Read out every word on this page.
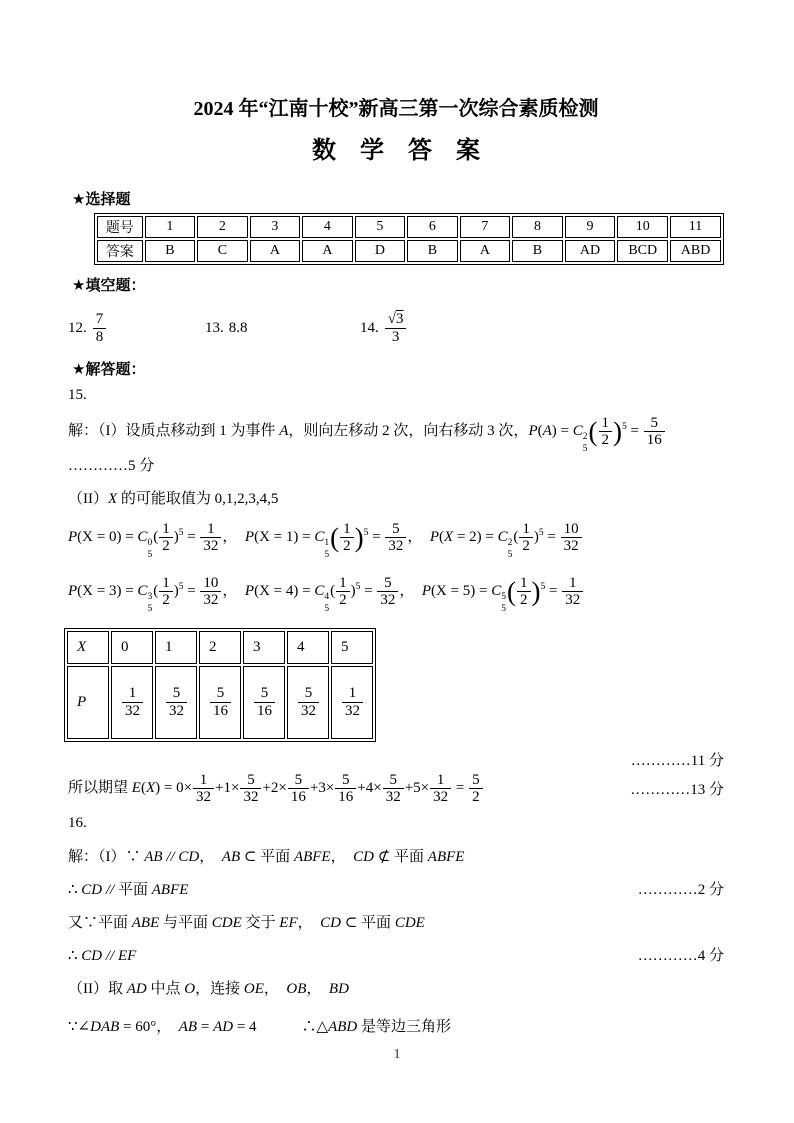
2024 年“江南十校”新高三第一次综合素质检测
数　学　答　案
★选择题
题号	1	2	3	4	5	6	7	8	9	10	11
答案	B	C	A	A	D	B	A	B	AD	BCD	ABD
★填空题：
12. $\frac{7}{8}$	13. 8.8	14. $\frac{√3}{3}$
★解答题：
15.
解：（I）设质点移动到 1 为事件 A，则向左移动 2 次，向右移动 3 次，P(A) = C 2
5
( $\frac{1}{2} )^5 = \frac{5}{16}$
…………5 分
（II）X 的可能取值为 0,1,2,3,4,5
P(X = 0) = C 0
5
( $\frac{1}{2} )^5 = \frac{1}{32}$ ，　P(X = 1) = C 1
5
( $\frac{1}{2} )^5 = \frac{5}{32}$ ，　P(X = 2) = C 2
5
( $\frac{1}{2} )^5 = \frac{10}{32}$
P(X = 3) = C 3
5
( $\frac{1}{2} )^5 = \frac{10}{32}$ ，　P(X = 4) = C 4
5
( $\frac{1}{2} )^5 = \frac{5}{32}$ ，　P(X = 5) = C 5
5
( $\frac{1}{2} )^5 = \frac{1}{32}$
X	0	1	2	3	4	5
P	$\frac{1}{32}$	$\frac{5}{32}$	$\frac{5}{16}$	$\frac{5}{16}$	$\frac{5}{32}$	$\frac{1}{32}$
…………11 分
所以期望 $E(X) = 0\times \frac{1}{32} +1\times \frac{5}{32} +2\times \frac{5}{16} +3\times \frac{5}{16} +4\times \frac{5}{32} +5\times \frac{1}{32} = \frac{5}{2}$	…………13 分
16.
解：（I）∵ AB // CD，　AB ⊂ 平面 ABFE，　CD ⊄ 平面 ABFE
∴ CD // 平面 ABFE	…………2 分
又∵平面 ABE 与平面 CDE 交于 EF，　CD ⊂ 平面 CDE
∴ CD // EF	…………4 分
（II）取 AD 中点 O，连接 OE，　OB，　BD
∵∠DAB = 60°，　AB = AD = 4　　　∴△ABD 是等边三角形
1
